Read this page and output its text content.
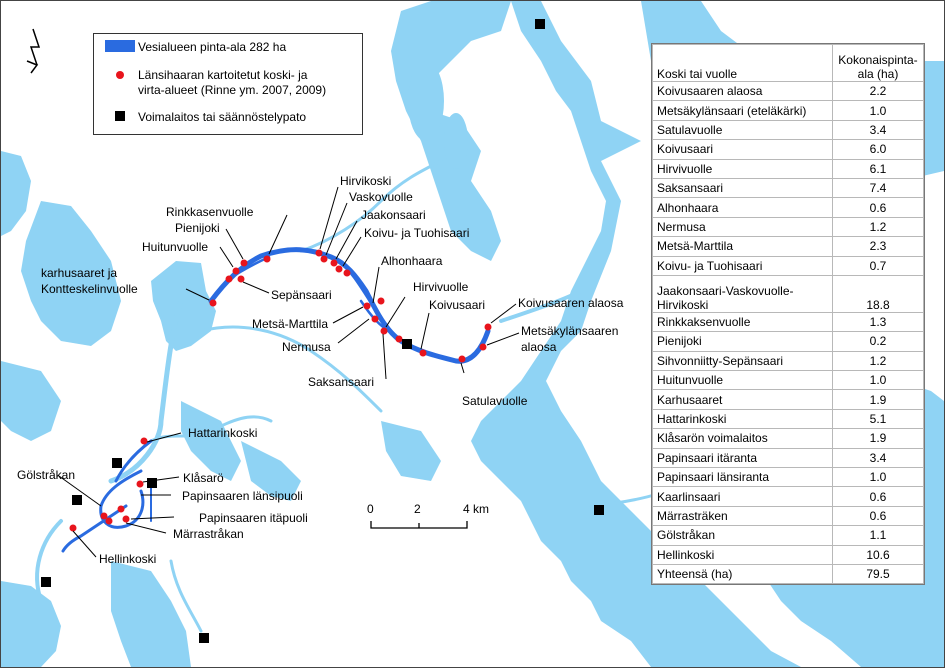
Hirvikoski
Vaskovuolle
Jaakonsaari
Koivu- ja Tuohisaari
Rinkkasenvuolle
Pienijoki
Huitunvuolle
karhusaaret ja
Kontteskelinvuolle	Sepänsaari
Alhonhaara
Hirvivuolle
Koivusaari	Koivusaaren alaosa
Metsäkylänsaaren
alaosa
Metsä-Marttila
Nermusa
Saksansaari
Satulavuolle
Hattarinkoski
Klåsarö
Gölstråkan
Papinsaaren länsipuoli
Papinsaaren itäpuoli
Märrastråkan
Hellinkoski
0	2	4 km
Vesialueen pinta-ala 282 ha
Länsihaaran kartoitetut koski- ja
virta-alueet (Rinne ym. 2007, 2009)
Voimalaitos tai säännöstelypato
Koski tai vuolle	Kokonaispinta-
ala (ha)

Koivusaaren alaosa	2.2
Metsäkylänsaari (eteläkärki)	1.0
Satulavuolle	3.4
Koivusaari	6.0
Hirvivuolle	6.1
Saksansaari	7.4
Alhonhaara	0.6
Nermusa	1.2
Metsä-Marttila	2.3
Koivu- ja Tuohisaari	0.7

Jaakonsaari-Vaskovuolle-
Hirvikoski	18.8
Rinkkaksenvuolle	1.3
Pienijoki	0.2
Sihvonniitty-Sepänsaari	1.2
Huitunvuolle	1.0
Karhusaaret	1.9
Hattarinkoski	5.1
Klåsarön voimalaitos	1.9
Papinsaari itäranta	3.4
Papinsaari länsiranta	1.0
Kaarlinsaari	0.6
Märrasträken	0.6
Gölstråkan	1.1
Hellinkoski	10.6
Yhteensä (ha)	79.5
